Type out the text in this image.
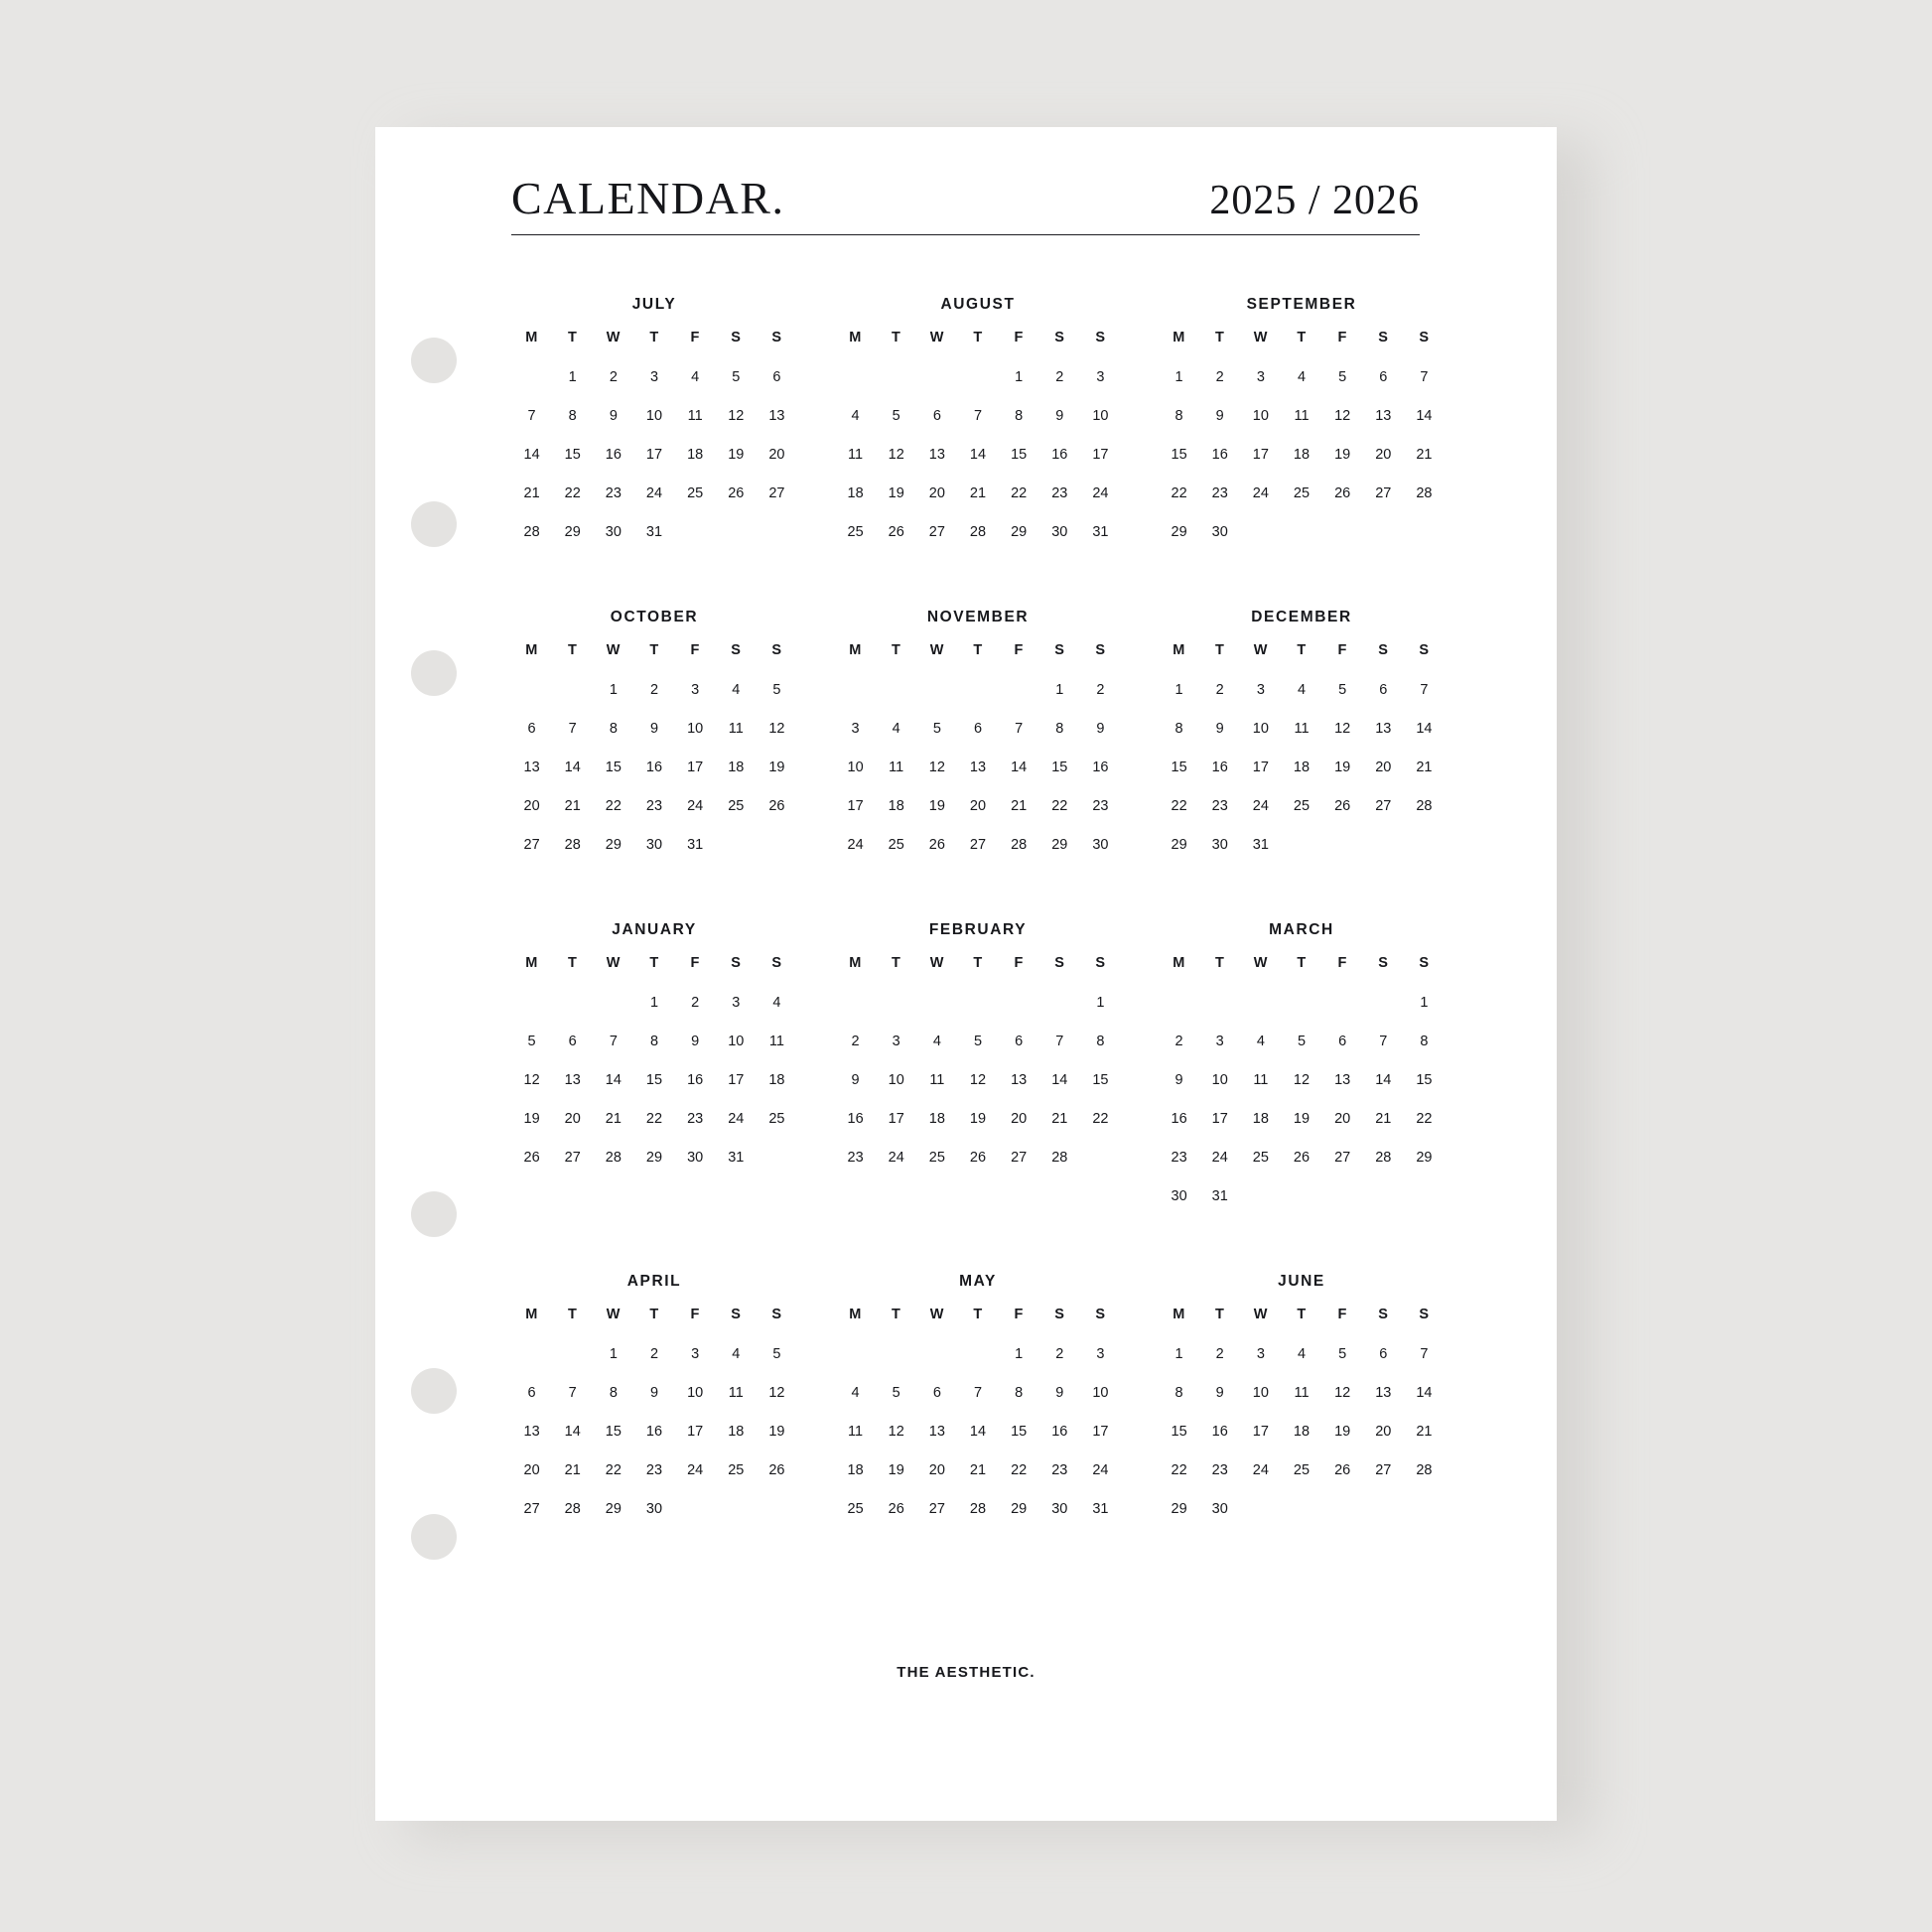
CALENDAR.	2025 / 2026
JULY
M	T	W	T	F	S	S
	1	2	3	4	5	6
7	8	9	10	11	12	13
14	15	16	17	18	19	20
21	22	23	24	25	26	27
28	29	30	31			
AUGUST
M	T	W	T	F	S	S
				1	2	3
4	5	6	7	8	9	10
11	12	13	14	15	16	17
18	19	20	21	22	23	24
25	26	27	28	29	30	31
SEPTEMBER
M	T	W	T	F	S	S
1	2	3	4	5	6	7
8	9	10	11	12	13	14
15	16	17	18	19	20	21
22	23	24	25	26	27	28
29	30					
OCTOBER
M	T	W	T	F	S	S
		1	2	3	4	5
6	7	8	9	10	11	12
13	14	15	16	17	18	19
20	21	22	23	24	25	26
27	28	29	30	31		
NOVEMBER
M	T	W	T	F	S	S
					1	2
3	4	5	6	7	8	9
10	11	12	13	14	15	16
17	18	19	20	21	22	23
24	25	26	27	28	29	30
DECEMBER
M	T	W	T	F	S	S
1	2	3	4	5	6	7
8	9	10	11	12	13	14
15	16	17	18	19	20	21
22	23	24	25	26	27	28
29	30	31				
JANUARY
M	T	W	T	F	S	S
			1	2	3	4
5	6	7	8	9	10	11
12	13	14	15	16	17	18
19	20	21	22	23	24	25
26	27	28	29	30	31	
FEBRUARY
M	T	W	T	F	S	S
						1
2	3	4	5	6	7	8
9	10	11	12	13	14	15
16	17	18	19	20	21	22
23	24	25	26	27	28	
MARCH
M	T	W	T	F	S	S
						1
2	3	4	5	6	7	8
9	10	11	12	13	14	15
16	17	18	19	20	21	22
23	24	25	26	27	28	29
30	31					
APRIL
M	T	W	T	F	S	S
		1	2	3	4	5
6	7	8	9	10	11	12
13	14	15	16	17	18	19
20	21	22	23	24	25	26
27	28	29	30			
MAY
M	T	W	T	F	S	S
				1	2	3
4	5	6	7	8	9	10
11	12	13	14	15	16	17
18	19	20	21	22	23	24
25	26	27	28	29	30	31
JUNE
M	T	W	T	F	S	S
1	2	3	4	5	6	7
8	9	10	11	12	13	14
15	16	17	18	19	20	21
22	23	24	25	26	27	28
29	30					
THE AESTHETIC.
